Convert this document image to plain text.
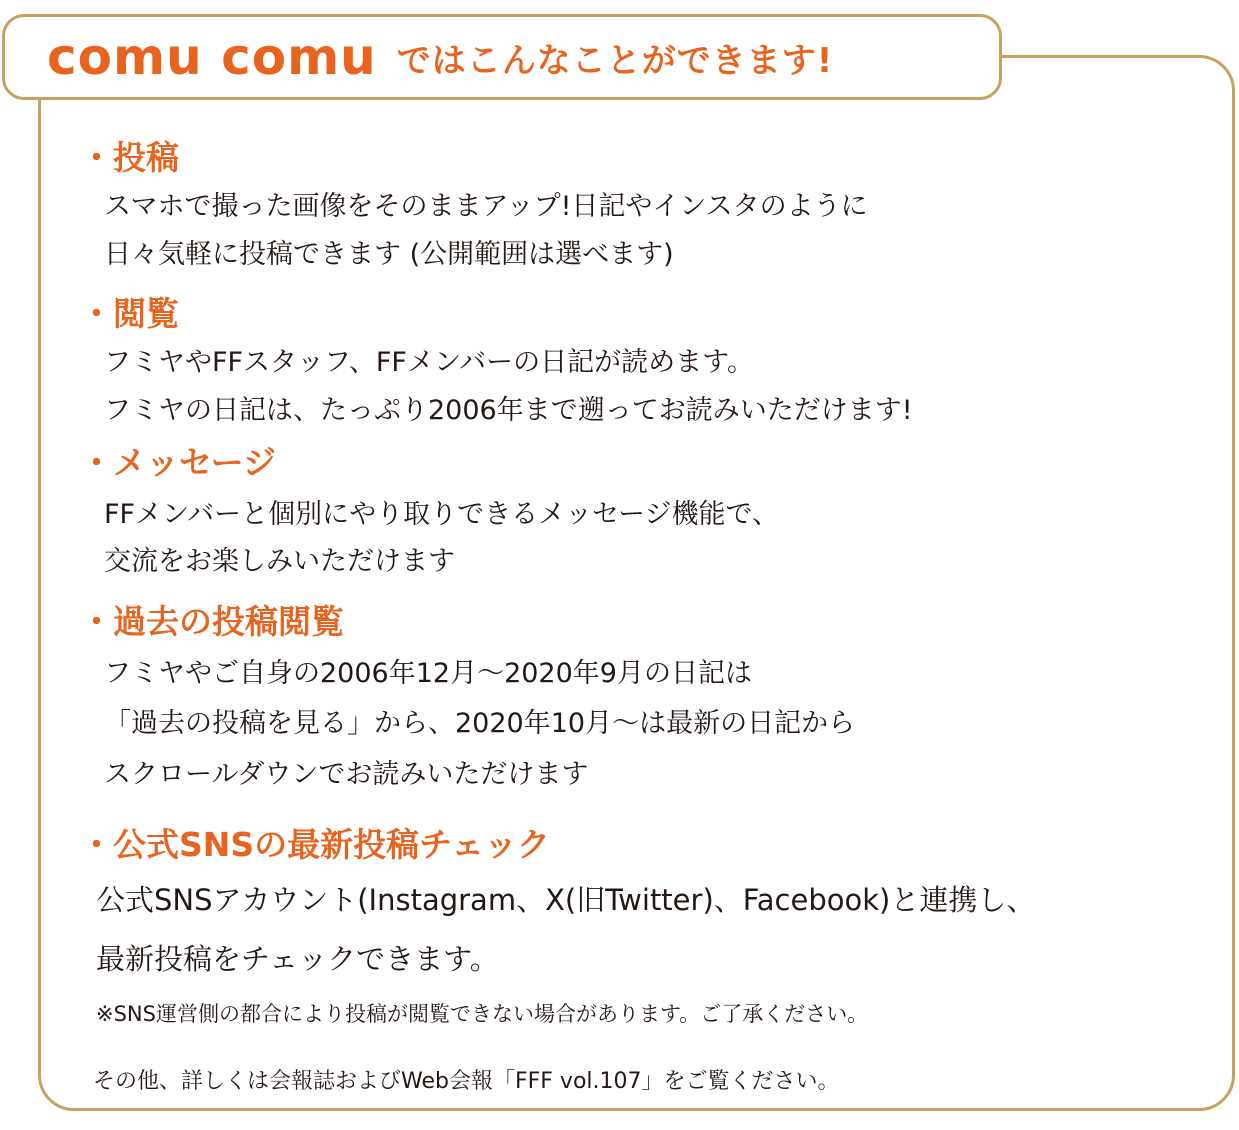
comu comu ではこんなことができます!
・投稿
スマホで撮った画像をそのままアップ!日記やインスタのように
日々気軽に投稿できます (公開範囲は選べます)
・閲覧
フミヤやFFスタッフ、FFメンバーの日記が読めます。
フミヤの日記は、たっぷり2006年まで遡ってお読みいただけます!
・メッセージ
FFメンバーと個別にやり取りできるメッセージ機能で、
交流をお楽しみいただけます
・過去の投稿閲覧
フミヤやご自身の2006年12月〜2020年9月の日記は
「過去の投稿を見る」から、2020年10月〜は最新の日記から
スクロールダウンでお読みいただけます
・公式SNSの最新投稿チェック
公式SNSアカウント(Instagram、X(旧Twitter)、Facebook)と連携し、
最新投稿をチェックできます。
※SNS運営側の都合により投稿が閲覧できない場合があります。ご了承ください。
その他、詳しくは会報誌およびWeb会報「FFF vol.107」をご覧ください。
